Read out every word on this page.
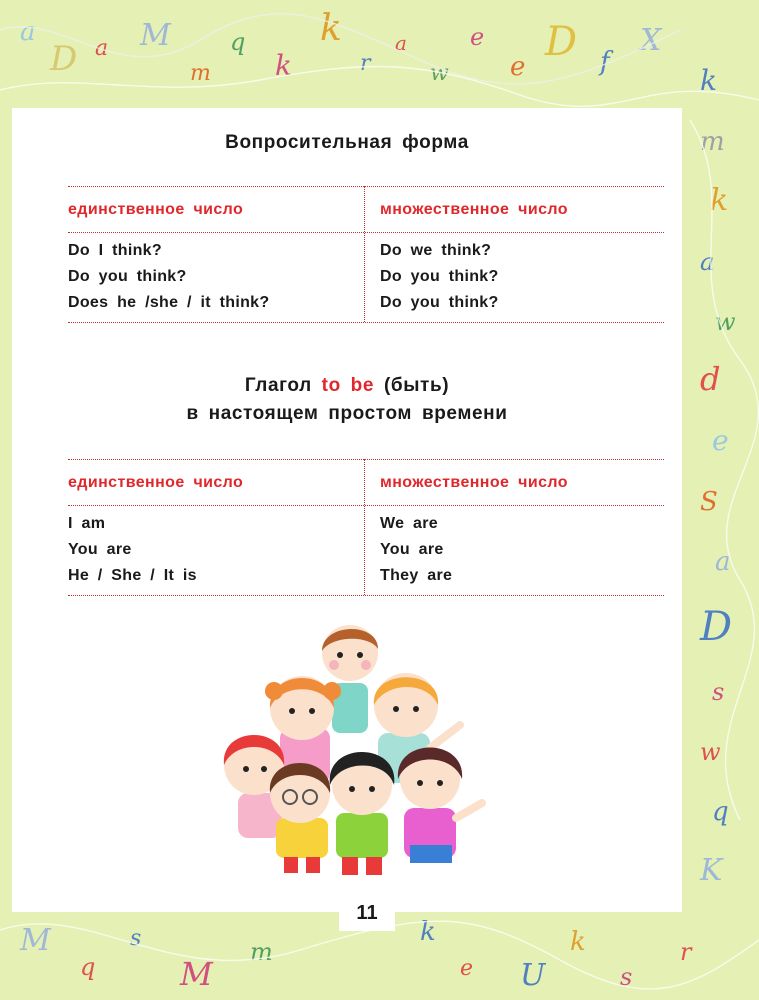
a
D a M
m
q
k
k
r
a
w
e
e
D f
X
k
m
k
a
w
d
e
S
a
D
s
w
q
K
M
q
s
M
m
k
e U
k
s
r
Вопросительная форма
единственное число	множественное число
Do I think?
Do you think?
Does he /she / it think?
Do we think?
Do you think?
Do you think?
Глагол to be (быть)
в настоящем простом времени
единственное число	множественное число
I am
You are
He / She / It is
We are
You are
They are
11
